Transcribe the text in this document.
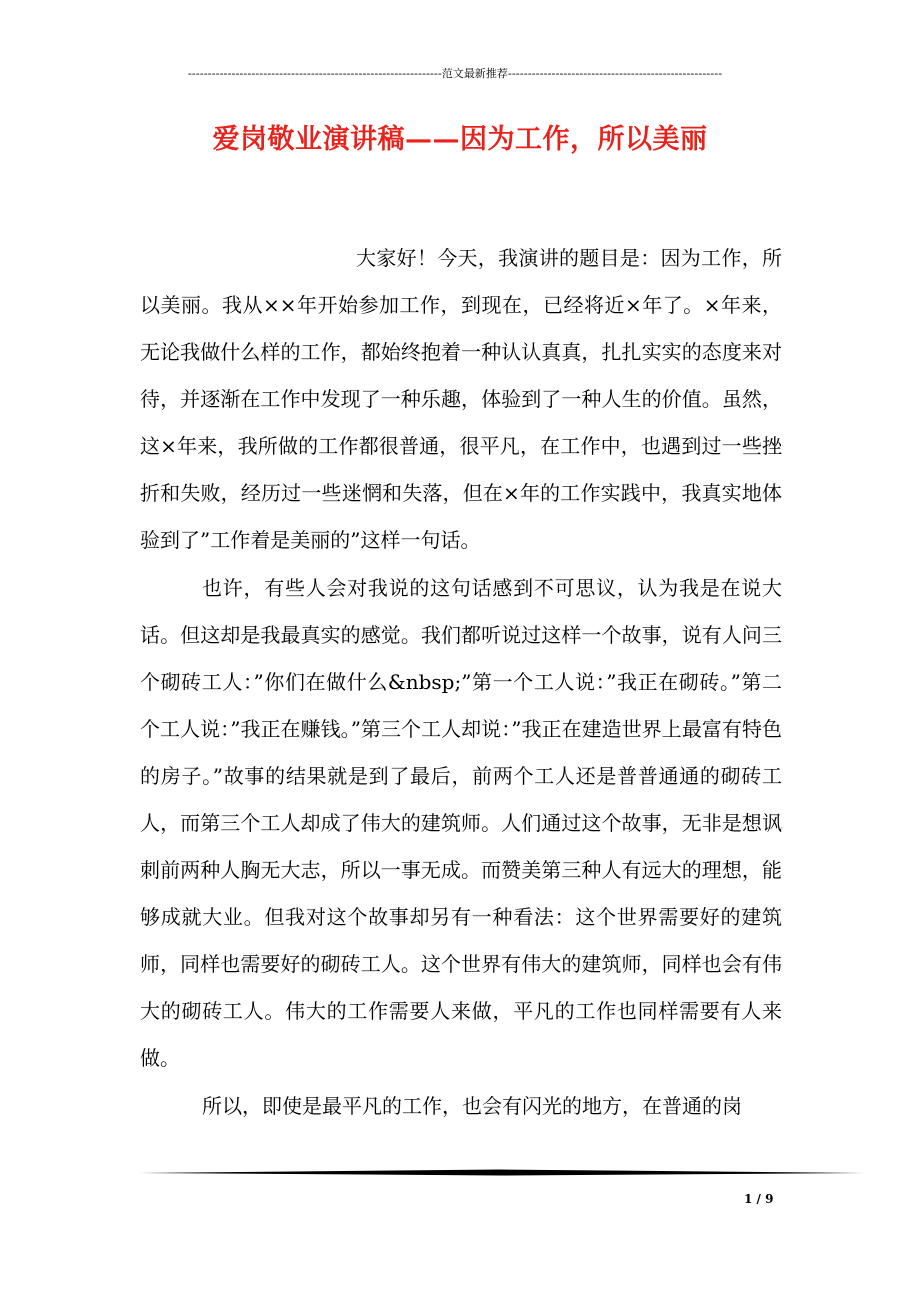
----------------------------------------------------------------范文最新推荐------------------------------------------------------
爱岗敬业演讲稿——因为工作，所以美丽

大家好！今天，我演讲的题目是：因为工作，所以美丽。我从××年开始参加工作，到现在，已经将近×年了。×年来，无论我做什么样的工作，都始终抱着一种认认真真，扎扎实实的态度来对待，并逐渐在工作中发现了一种乐趣，体验到了一种人生的价值。虽然，这×年来，我所做的工作都很普通，很平凡，在工作中，也遇到过一些挫折和失败，经历过一些迷惘和失落，但在×年的工作实践中，我真实地体验到了”工作着是美丽的”这样一句话。

也许，有些人会对我说的这句话感到不可思议，认为我是在说大话。但这却是我最真实的感觉。我们都听说过这样一个故事，说有人问三个砌砖工人：”你们在做什么&nbsp;”第一个工人说：”我正在砌砖。”第二个工人说：”我正在赚钱。”第三个工人却说：”我正在建造世界上最富有特色的房子。”故事的结果就是到了最后，前两个工人还是普普通通的砌砖工人，而第三个工人却成了伟大的建筑师。人们通过这个故事，无非是想讽刺前两种人胸无大志，所以一事无成。而赞美第三种人有远大的理想，能够成就大业。但我对这个故事却另有一种看法：这个世界需要好的建筑师，同样也需要好的砌砖工人。这个世界有伟大的建筑师，同样也会有伟大的砌砖工人。伟大的工作需要人来做，平凡的工作也同样需要有人来做。

所以，即使是最平凡的工作，也会有闪光的地方，在普通的岗

1 / 9
